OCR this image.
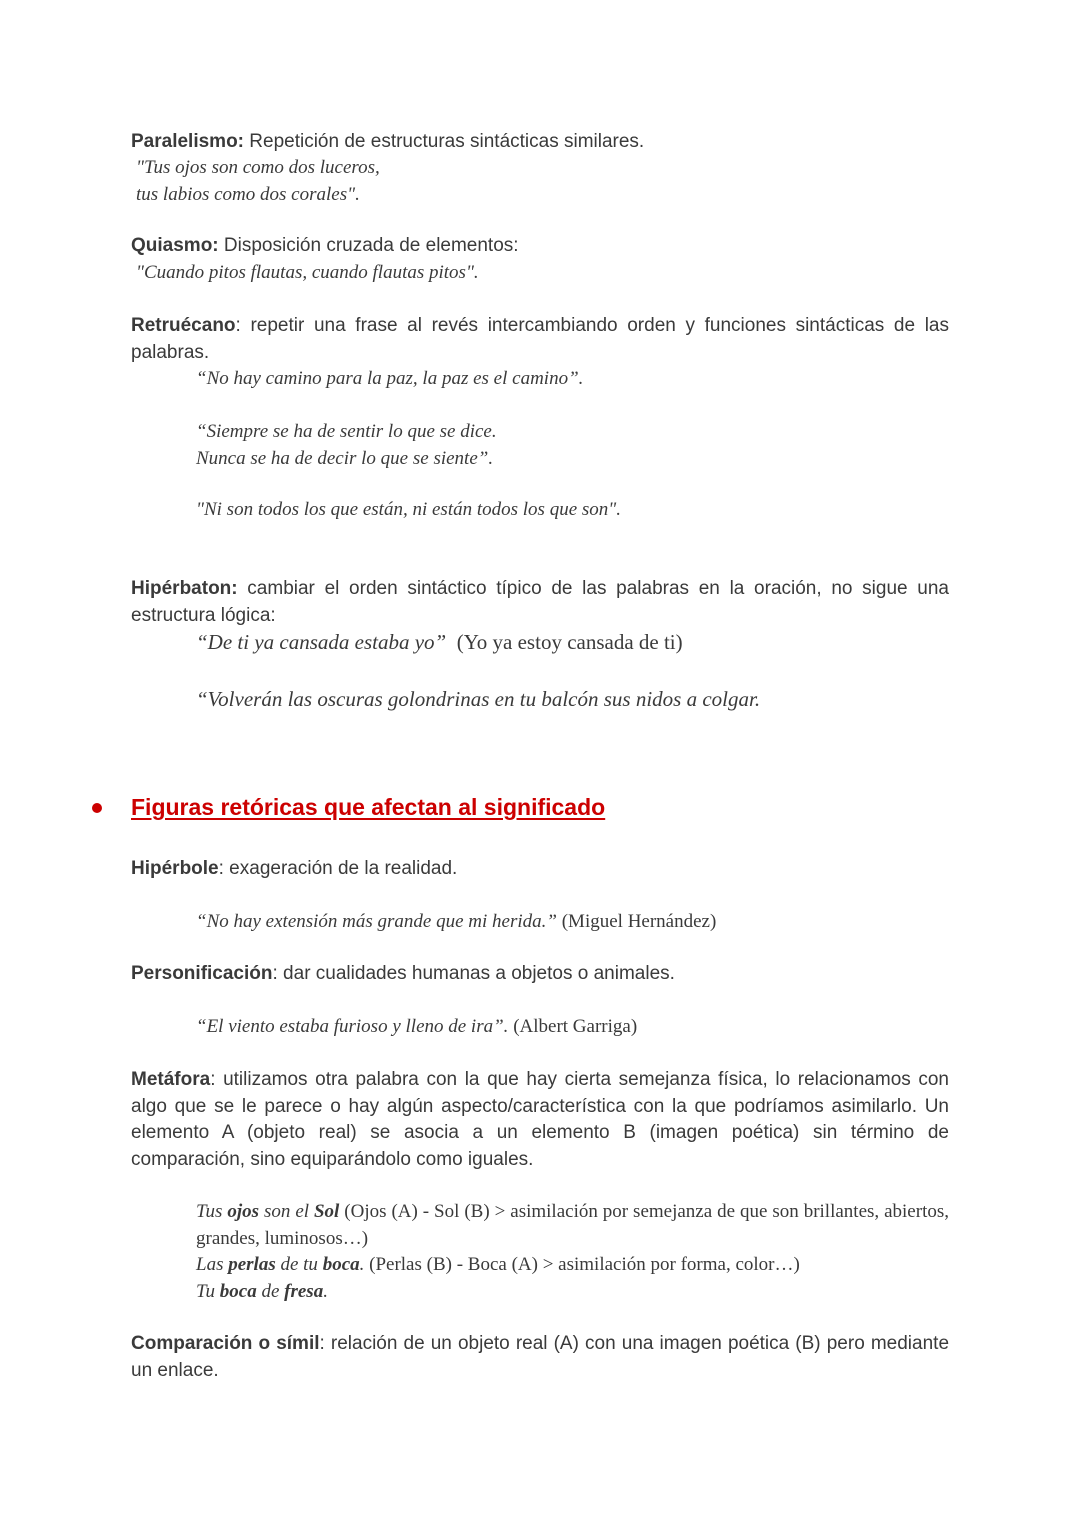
Paralelismo: Repetición de estructuras sintácticas similares.

"Tus ojos son como dos luceros,

tus labios como dos corales".

Quiasmo: Disposición cruzada de elementos:

"Cuando pitos flautas, cuando flautas pitos".

Retruécano: repetir una frase al revés intercambiando orden y funciones sintácticas de las palabras.

“No hay camino para la paz, la paz es el camino”.

“Siempre se ha de sentir lo que se dice.

Nunca se ha de decir lo que se siente”.

"Ni son todos los que están, ni están todos los que son".

Hipérbaton: cambiar el orden sintáctico típico de las palabras en la oración, no sigue una estructura lógica:

“De ti ya cansada estaba yo” (Yo ya estoy cansada de ti)

“Volverán las oscuras golondrinas en tu balcón sus nidos a colgar.

Figuras retóricas que afectan al significado

Hipérbole: exageración de la realidad.

“No hay extensión más grande que mi herida.” (Miguel Hernández)

Personificación: dar cualidades humanas a objetos o animales.

“El viento estaba furioso y lleno de ira”. (Albert Garriga)

Metáfora: utilizamos otra palabra con la que hay cierta semejanza física, lo relacionamos con algo que se le parece o hay algún aspecto/característica con la que podríamos asimilarlo. Un elemento A (objeto real) se asocia a un elemento B (imagen poética) sin término de comparación, sino equiparándolo como iguales.

Tus ojos son el Sol (Ojos (A) - Sol (B) > asimilación por semejanza de que son brillantes, abiertos, grandes, luminosos…)

Las perlas de tu boca. (Perlas (B) - Boca (A) > asimilación por forma, color…)

Tu boca de fresa.

Comparación o símil: relación de un objeto real (A) con una imagen poética (B) pero mediante un enlace.
